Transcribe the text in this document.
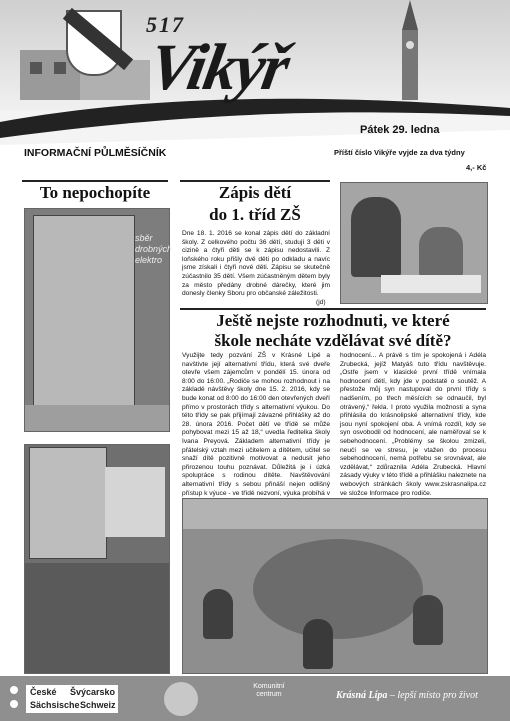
517
Vikýř
Pátek 29. ledna
INFORMAČNÍ PŮLMĚSÍČNÍK	Příští číslo Vikýře vyjde za dva týdny
4,- Kč
To nepochopíte
sběr drobných elektro
Zápis dětí
do 1. tříd ZŠ
Dne 18. 1. 2016 se konal zápis dětí do základní školy. Z celkového počtu 36 dětí, studují 3 děti v cizině a čtyři děti se k zápisu nedostavili. Z loňského roku přišly dvě děti po odkladu a navíc jsme získali i čtyři nové děti. Zápisu se skutečně zúčastnilo 35 dětí. Všem zúčastněným dětem byly za město předány drobné dárečky, které jim donesly členky Sboru pro občanské záležitosti.
(jd)
Ještě nejste rozhodnuti, ve které
škole necháte vzdělávat své dítě?
Využijte tedy pozvání ZŠ v Krásné Lípě a navštivte její alternativní třídu, která své dveře otevře všem zájemcům v pondělí 15. února od 8:00 do 16:00. „Rodiče se mohou rozhodnout i na základě návštěvy školy dne 15. 2. 2016, kdy se bude konat od 8:00 do 16:00 den otevřených dveří přímo v prostorách třídy s alternativní výukou. Do této třídy se pak přijímají závazné přihlášky až do 28. února 2016. Počet dětí ve třídě se může pohybovat mezi 15 až 18,“ uvedla ředitelka školy Ivana Preyová. Základem alternativní třídy je přátelský vztah mezi učitelem a dítětem, učitel se snaží dítě pozitivně motivovat a nedusit jeho přirozenou touhu poznávat. Důležitá je i úzká spolupráce s rodinou dítěte. Navštěvování alternativní třídy s sebou přináší nejen odlišný přístup k výuce - ve třídě nezvoní, výuka probíhá v
hodnocení... A právě s tím je spokojená i Adéla Zrubecká, jejíž Matyáš tuto třídu navštěvuje. „Ostře jsem v klasické první třídě vnímala hodnocení dětí, kdy jde v podstatě o soutěž. A přestože můj syn nastupoval do první třídy s nadšením, po třech měsících se odnaučil, byl otrávený,“ řekla. I proto využila možnosti a syna přihlásila do krásnolipské alternativní třídy, kde jsou nyní spokojení oba. A vnímá rozdíl, kdy se syn osvobodil od hodnocení, ale naměřoval se k sebehodnocení. „Problémy se školou zmizeli, neučí se ve stresu, je vtažen do procesu sebehodnocení, nemá potřebu se srovnávat, ale vzdělávat,“ zdůraznila Adéla Zrubecká. Hlavní zásady výuky v této třídě a přihlášku naleznete na webových stránkách školy www.zskrasnalipa.cz ve složce Informace pro rodiče.
České Švýcarsko
Sächsische Schweiz
Komunitní centrum	Krásná Lípa – lepší místo pro život
